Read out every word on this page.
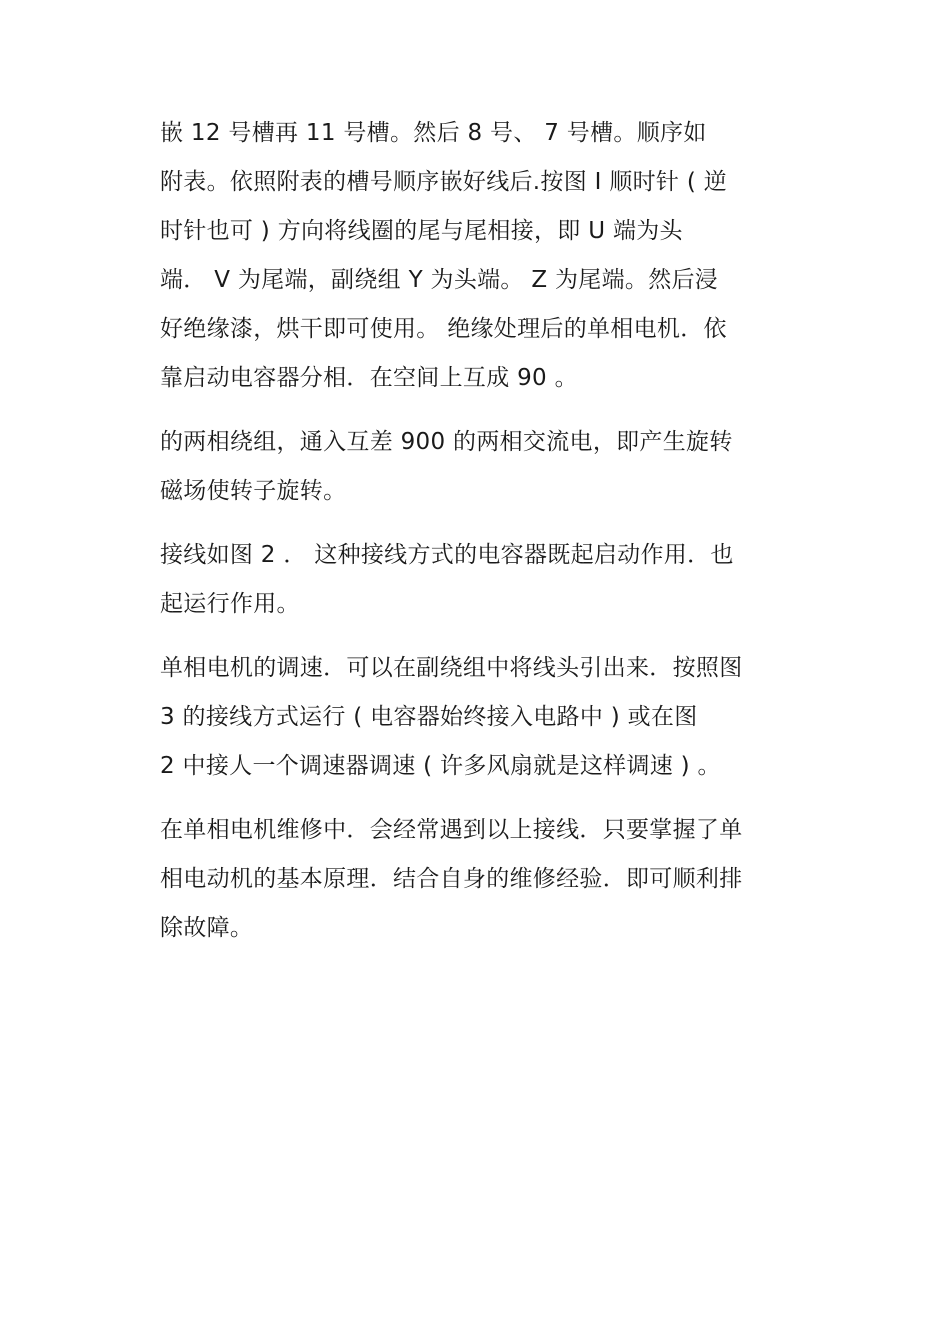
嵌 12 号槽再 11 号槽。然后 8 号、 7 号槽。顺序如
附表。依照附表的槽号顺序嵌好线后.按图 I 顺时针 ( 逆
时针也可 ) 方向将线圈的尾与尾相接，即 U 端为头
端． V 为尾端，副绕组 Y 为头端。 Z 为尾端。然后浸
好绝缘漆，烘干即可使用。 绝缘处理后的单相电机．依
靠启动电容器分相．在空间上互成 90 。
的两相绕组，通入互差 900 的两相交流电，即产生旋转
磁场使转子旋转。
接线如图 2 ． 这种接线方式的电容器既起启动作用．也
起运行作用。
单相电机的调速．可以在副绕组中将线头引出来．按照图
3 的接线方式运行 ( 电容器始终接入电路中 ) 或在图
2 中接人一个调速器调速 ( 许多风扇就是这样调速 ) 。
在单相电机维修中．会经常遇到以上接线．只要掌握了单
相电动机的基本原理．结合自身的维修经验．即可顺利排
除故障。
